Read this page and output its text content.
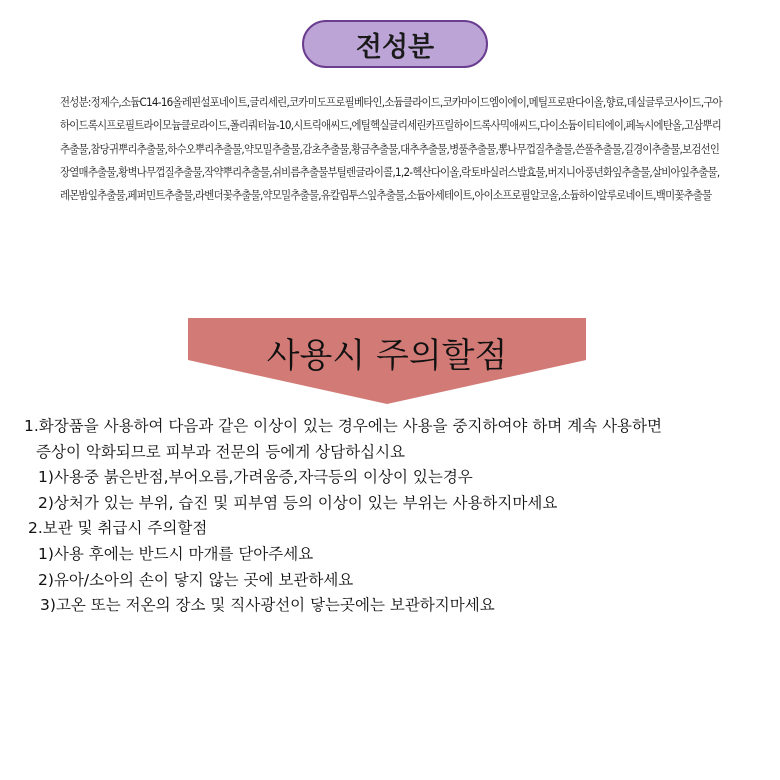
전성분
전성분:정제수,소듐C14-16올레핀설포네이트,글리세린,코카미도프로필베타인,소듐클라이드,코카마이드엠이에이,메틸프로판다이올,향료,데실글루코사이드,구아하이드록시프로필트라이모늄클로라이드,폴리쿼터늄-10,시트릭애씨드,에틸헥실글리세린카프릴하이드록사믹애씨드,다이소듐이티티에이,페녹시에탄올,고삼뿌리추출물,참당귀뿌리추출물,하수오뿌리추출물,약모밀추출물,감초추출물,황금추출물,대추추출물,병풀추출물,뽕나무껍질추출물,쓴풀추출물,길경이추출물,보검선인장열매추출물,황벽나무껍질추출물,작약뿌리추출물,쉬비름추출물부틸렌글라이콜,1,2-헥산다이올,락토바실러스발효물,버지니아풍년화잎추출물,살비아잎추출물,레몬밤잎추출물,페퍼민트추출물,라벤더꽃추출물,약모밀추출물,유칼립투스잎추출물,소듐아세테이트,아이소프로필알코올,소듐하이알루로네이트,백미꽃추출물
사용시 주의할점
1.화장품을 사용하여 다음과 같은 이상이 있는 경우에는 사용을 중지하여야 하며 계속 사용하면
증상이 악화되므로 피부과 전문의 등에게 상담하십시요
1)사용중 붉은반점,부어오름,가려움증,자극등의 이상이 있는경우
2)상처가 있는 부위, 습진 및 피부염 등의 이상이 있는 부위는 사용하지마세요
2.보관 및 취급시 주의할점
1)사용 후에는 반드시 마개를 닫아주세요
2)유아/소아의 손이 닿지 않는 곳에 보관하세요
3)고온 또는 저온의 장소 및 직사광선이 닿는곳에는 보관하지마세요
